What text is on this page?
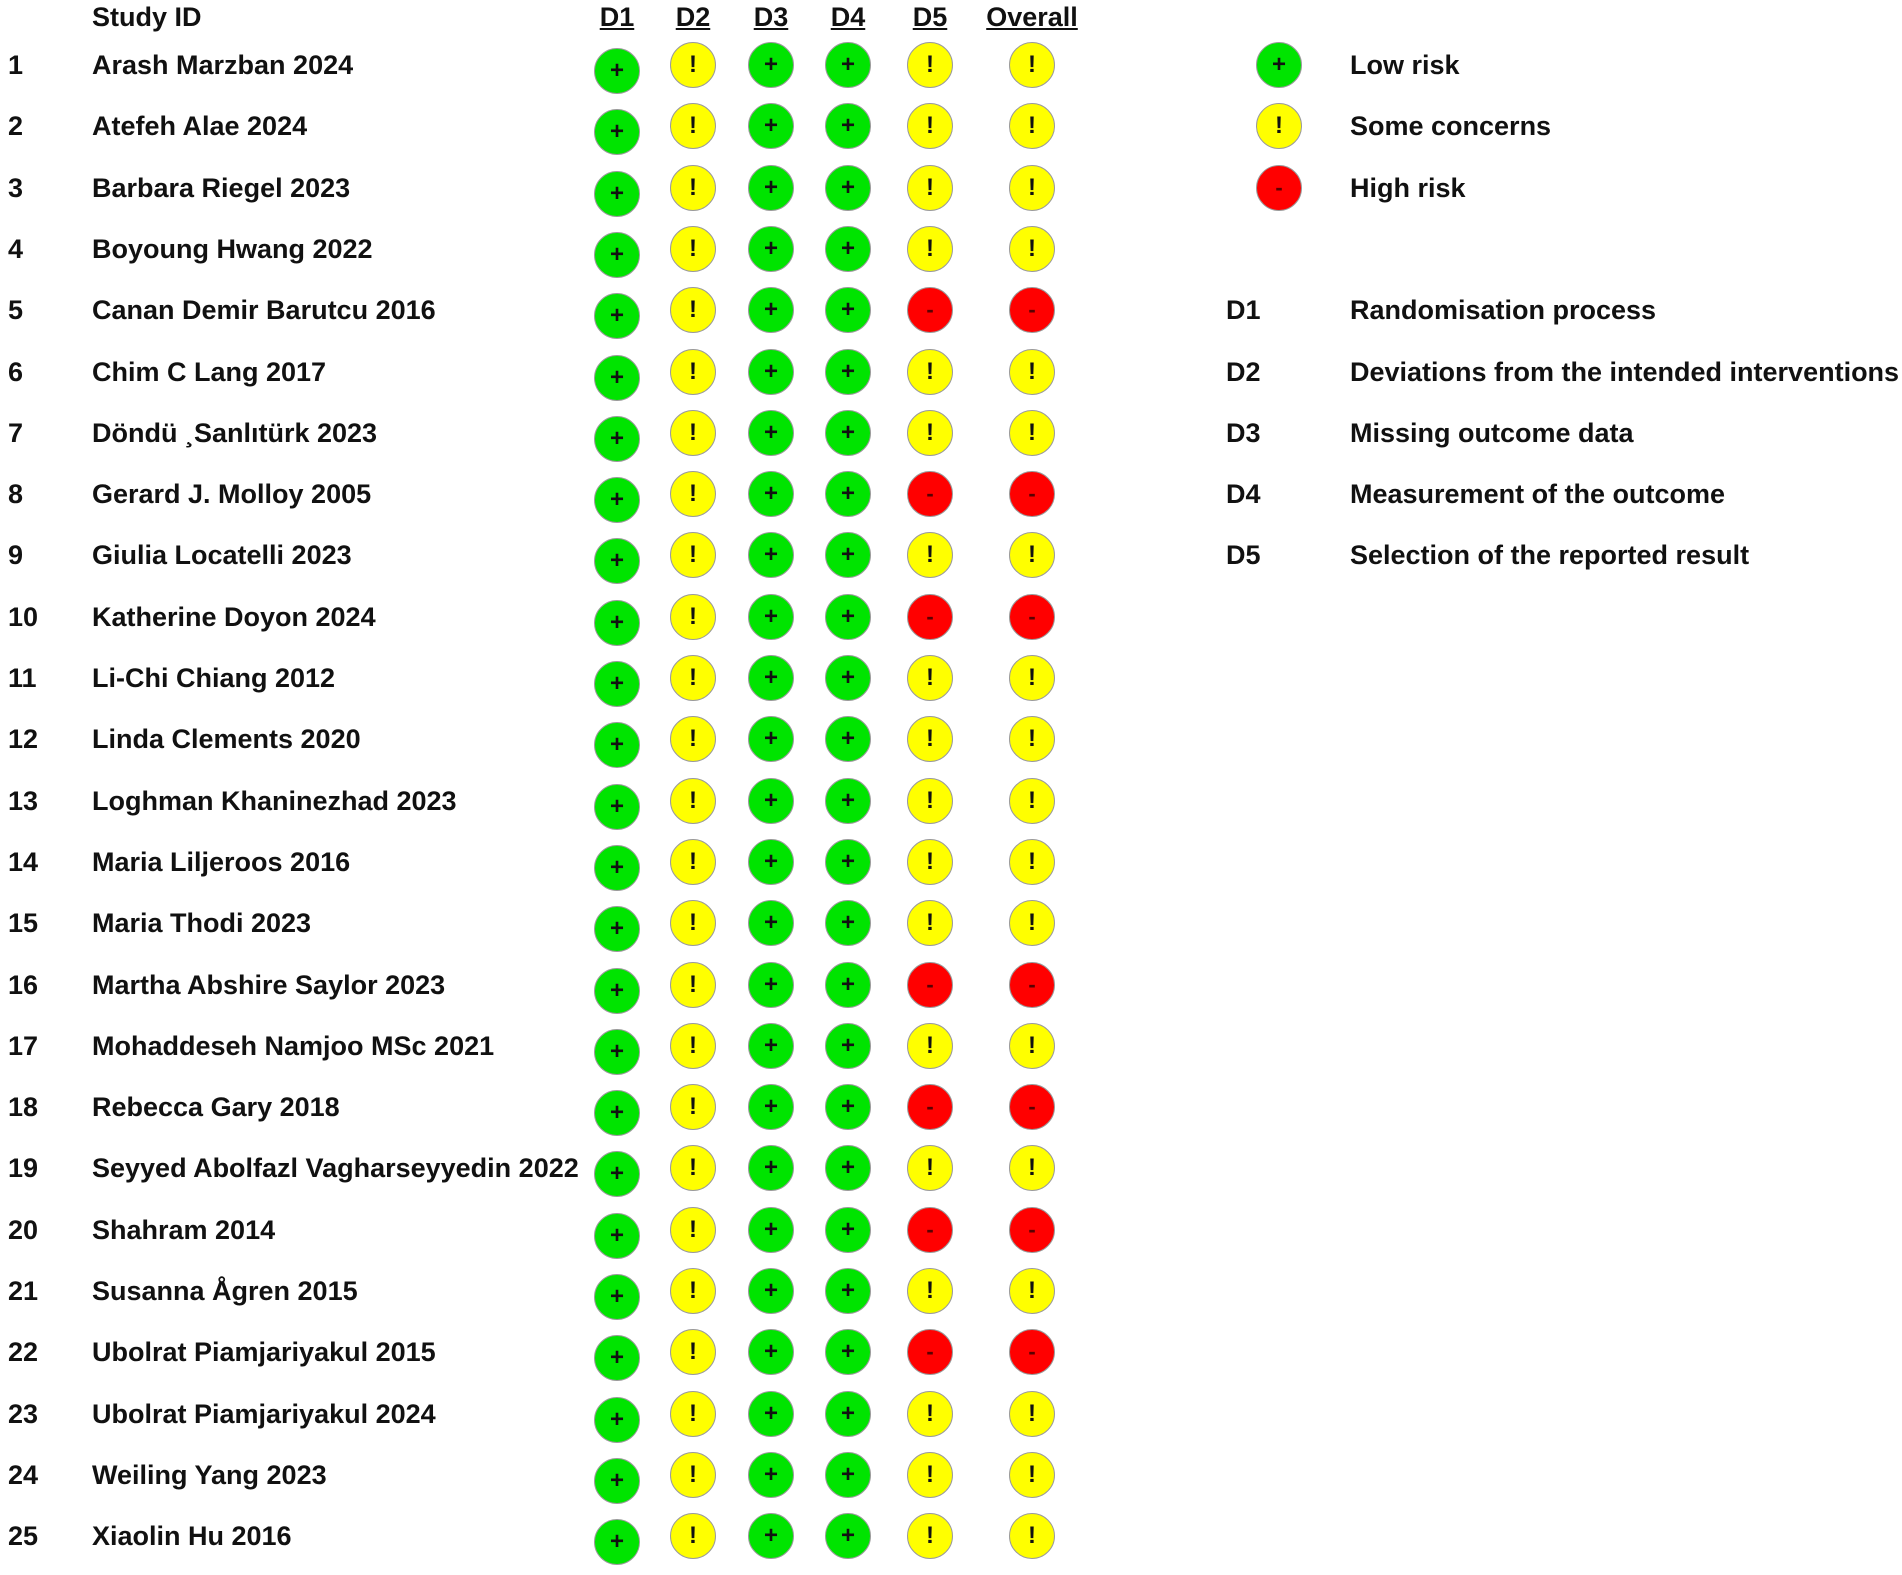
Study ID	D1	D2	D3	D4	D5	Overall
1	Arash Marzban 2024	+	!	+	+	!	!
2	Atefeh Alae 2024	+	!	+	+	!	!
3	Barbara Riegel 2023	+	!	+	+	!	!
4	Boyoung Hwang 2022	+	!	+	+	!	!
5	Canan Demir Barutcu 2016	+	!	+	+	-	-
6	Chim C Lang 2017	+	!	+	+	!	!
7	Döndü ¸Sanlıtürk 2023	+	!	+	+	!	!
8	Gerard J. Molloy 2005	+	!	+	+	-	-
9	Giulia Locatelli 2023	+	!	+	+	!	!
10 Katherine Doyon 2024	+	!	+	+	-	-
11 Li-Chi Chiang 2012	+	!	+	+	!	!
12 Linda Clements 2020	+	!	+	+	!	!
13 Loghman Khaninezhad 2023	+	!	+	+	!	!
14 Maria Liljeroos 2016	+	!	+	+	!	!
15 Maria Thodi 2023	+	!	+	+	!	!
16 Martha Abshire Saylor 2023	+	!	+	+	-	-
17 Mohaddeseh Namjoo MSc 2021	+	!	+	+	!	!
18 Rebecca Gary 2018	+	!	+	+	-	-
19 Seyyed Abolfazl Vagharseyyedin 2022	+	!	+	+	!	!
20 Shahram 2014	+	!	+	+	-	-
21 Susanna Ågren 2015	+	!	+	+	!	!
22 Ubolrat Piamjariyakul 2015	+	!	+	+	-	-
23 Ubolrat Piamjariyakul 2024	+	!	+	+	!	!
24 Weiling Yang 2023	+	!	+	+	!	!
25 Xiaolin Hu 2016	+	!	+	+	!	!
+	Low risk
!	Some concerns
-	High risk
D1	Randomisation process
D2	Deviations from the intended interventions
D3	Missing outcome data
D4	Measurement of the outcome
D5	Selection of the reported result
